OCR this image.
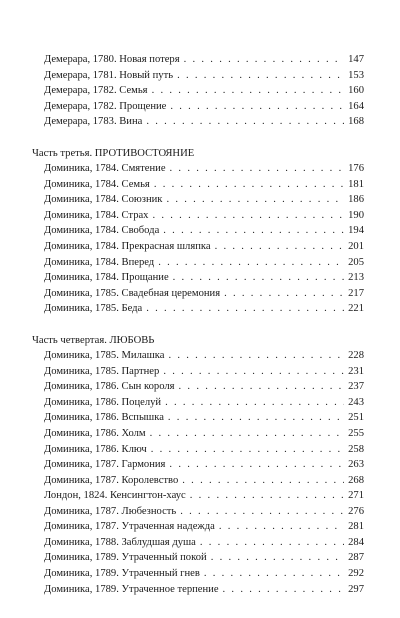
Демерара, 1780. Новая потеря . . .	147
Демерара, 1781. Новый путь . . .	153
Демерара, 1782. Семья . . .	160
Демерара, 1782. Прощение . . .	164
Демерара, 1783. Вина . . .	168
Часть третья. ПРОТИВОСТОЯНИЕ
Доминика, 1784. Смятение . . .	176
Доминика, 1784. Семья . . .	181
Доминика, 1784. Союзник . . .	186
Доминика, 1784. Страх . . .	190
Доминика, 1784. Свобода . . .	194
Доминика, 1784. Прекрасная шляпка . . .	201
Доминика, 1784. Вперед . . .	205
Доминика, 1784. Прощание . . .	213
Доминика, 1785. Свадебная церемония . . .	217
Доминика, 1785. Беда . . .	221
Часть четвертая. ЛЮБОВЬ
Доминика, 1785. Милашка . . .	228
Доминика, 1785. Партнер . . .	231
Доминика, 1786. Сын короля . . .	237
Доминика, 1786. Поцелуй . . .	243
Доминика, 1786. Вспышка . . .	251
Доминика, 1786. Холм . . .	255
Доминика, 1786. Ключ . . .	258
Доминика, 1787. Гармония . . .	263
Доминика, 1787. Королевство . . .	268
Лондон, 1824. Кенсингтон-хаус . . .	271
Доминика, 1787. Любезность . . .	276
Доминика, 1787. Утраченная надежда . . .	281
Доминика, 1788. Заблудшая душа . . .	284
Доминика, 1789. Утраченный покой . . .	287
Доминика, 1789. Утраченный гнев . . .	292
Доминика, 1789. Утраченное терпение . . .	297
